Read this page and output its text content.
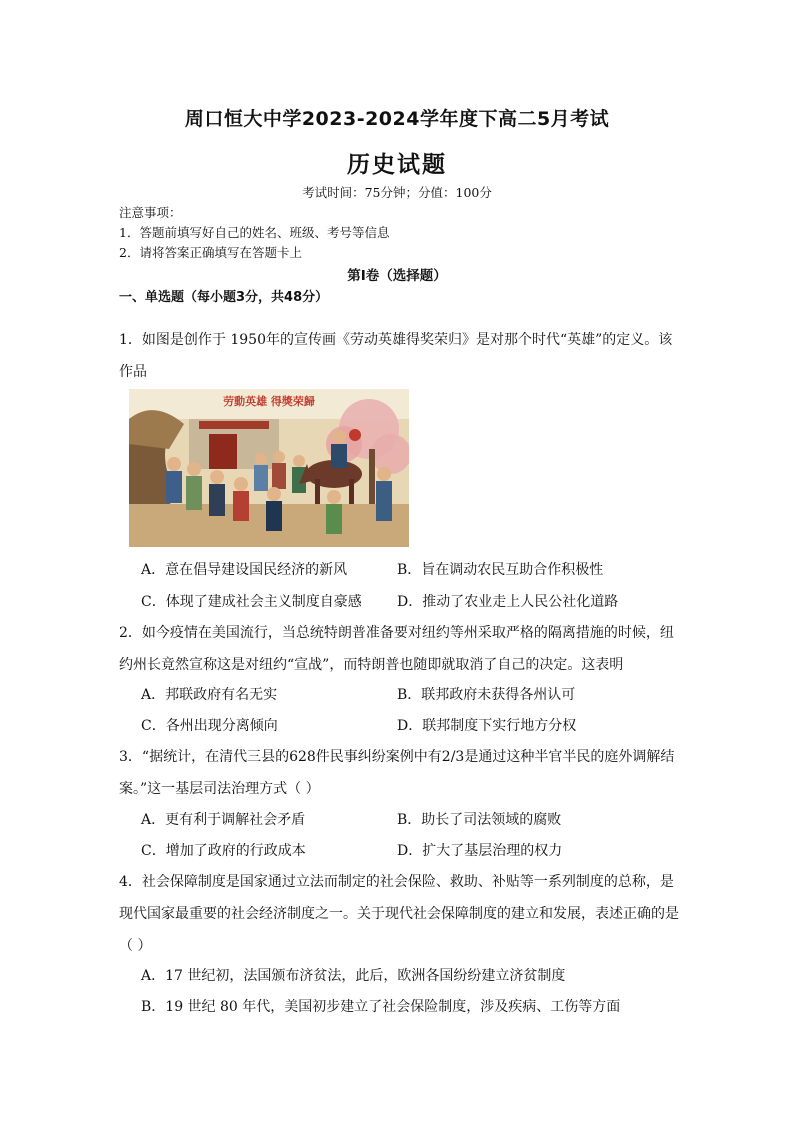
周口恒大中学2023-2024学年度下高二5月考试
历史试题
考试时间：75分钟；分值：100分
注意事项：
1．答题前填写好自己的姓名、班级、考号等信息
2．请将答案正确填写在答题卡上
第I卷（选择题）
一、单选题（每小题3分，共48分）
1．如图是创作于 1950年的宣传画《劳动英雄得奖荣归》是对那个时代“英雄”的定义。该
作品
劳動英雄 得獎荣歸
A．意在倡导建设国民经济的新风	B．旨在调动农民互助合作积极性
C．体现了建成社会主义制度自豪感	D．推动了农业走上人民公社化道路
2．如今疫情在美国流行，当总统特朗普准备要对纽约等州采取严格的隔离措施的时候，纽
约州长竟然宣称这是对纽约“宣战”，而特朗普也随即就取消了自己的决定。这表明
A．邦联政府有名无实	B．联邦政府未获得各州认可
C．各州出现分离倾向	D．联邦制度下实行地方分权
3．“据统计，在清代三县的628件民事纠纷案例中有2/3是通过这种半官半民的庭外调解结
案。”这一基层司法治理方式（ ）
A．更有利于调解社会矛盾	B．助长了司法领域的腐败
C．增加了政府的行政成本	D．扩大了基层治理的权力
4．社会保障制度是国家通过立法而制定的社会保险、救助、补贴等一系列制度的总称，是
现代国家最重要的社会经济制度之一。关于现代社会保障制度的建立和发展，表述正确的是
（ ）
A．17 世纪初，法国颁布济贫法，此后，欧洲各国纷纷建立济贫制度
B．19 世纪 80 年代，美国初步建立了社会保险制度，涉及疾病、工伤等方面
